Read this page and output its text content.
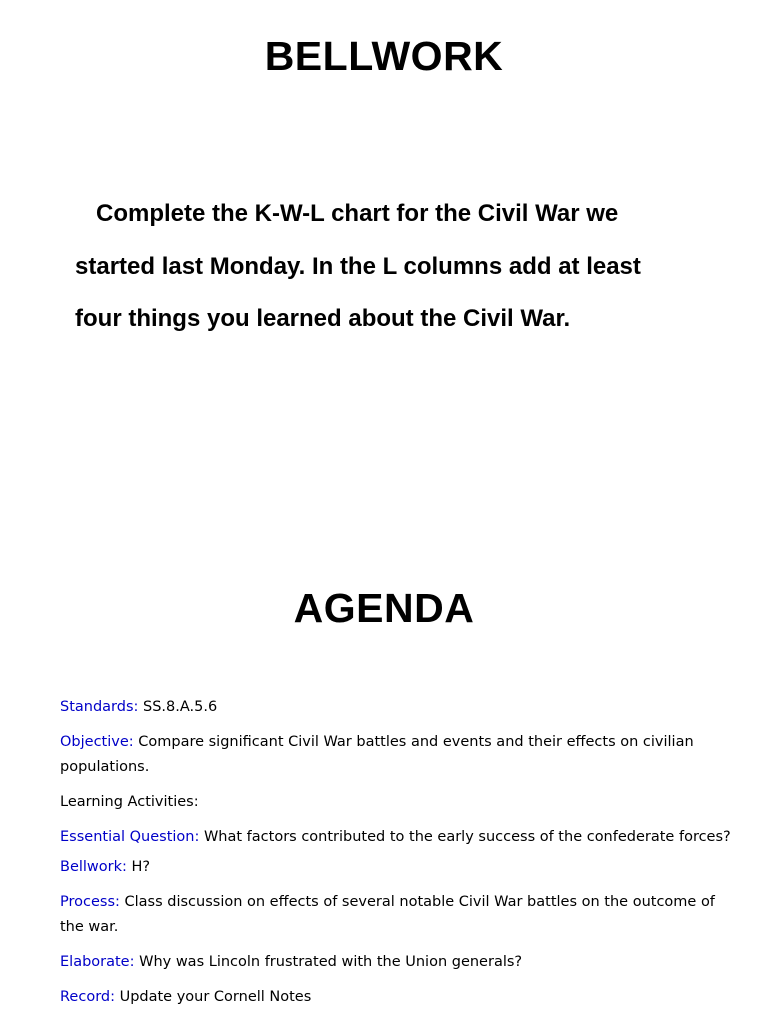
BELLWORK

Complete the K-W-L chart for the Civil War we
started last Monday. In the L columns add at least
four things you learned about the Civil War.

AGENDA

Standards: SS.8.A.5.6

Objective: Compare significant Civil War battles and events and their effects on civilian populations.

Learning Activities:

Essential Question: What factors contributed to the early success of the confederate forces?

Bellwork: H?

Process: Class discussion on effects of several notable Civil War battles on the outcome of the war.

Elaborate: Why was Lincoln frustrated with the Union generals?

Record: Update your Cornell Notes
